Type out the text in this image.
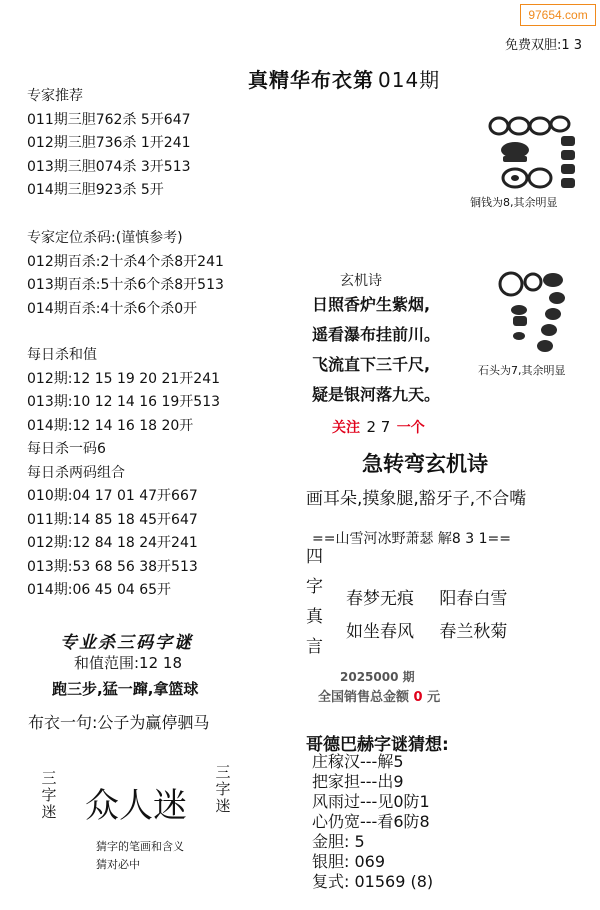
97654.com
免费双胆:1 3
真精华布衣第 014期
专家推荐
011期三胆762杀 5开647
012期三胆736杀 1开241
013期三胆074杀 3开513
014期三胆923杀 5开
专家定位杀码:(谨慎参考)
012期百杀:2十杀4个杀8开241
013期百杀:5十杀6个杀8开513
014期百杀:4十杀6个杀0开
每日杀和值
012期:12 15 19 20 21开241
013期:10 12 14 16 19开513
014期:12 14 16 18 20开
每日杀一码6
每日杀两码组合
010期:04 17 01 47开667
011期:14 85 18 45开647
012期:12 84 18 24开241
013期:53 68 56 38开513
014期:06 45 04 65开
专业杀三码字谜
和值范围:12 18
跑三步,猛一蹿,拿篮球
布衣一句:公子为赢停驷马
三字迷 众人迷
三字迷
猜字的笔画和含义
猜对必中
铜钱为8,其余明显
石头为7,其余明显
玄机诗
日照香炉生紫烟,
遥看瀑布挂前川。
飞流直下三千尺,
疑是银河落九天。
关注 2 7 一个
急转弯玄机诗
画耳朵,摸象腿,豁牙子,不合嘴
==山雪河冰野萧瑟 解8 3 1==
四
字
真
言
春梦无痕 阳春白雪
如坐春风 春兰秋菊
2025000 期
全国销售总金额 0 元
哥德巴赫字谜猜想:
庄稼汉---解5
把家担---出9
风雨过---见0防1
心仍宽---看6防8
金胆: 5
银胆: 069
复式: 01569 (8)
